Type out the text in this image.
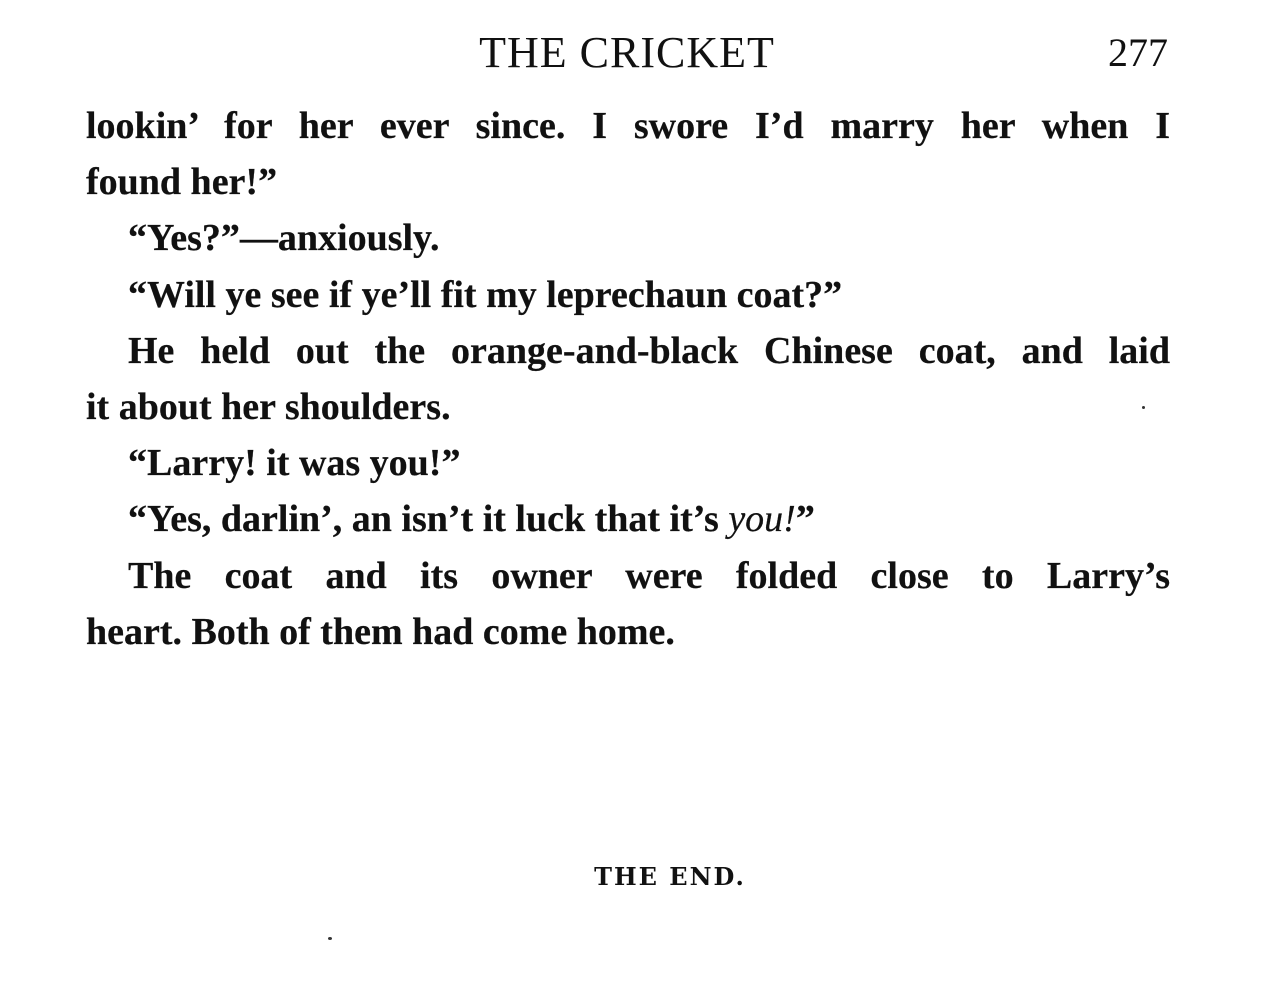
THE CRICKET	277

lookin’ for her ever since. I swore I’d marry her when I
found her!”

“Yes?”—anxiously.

“Will ye see if ye’ll fit my leprechaun coat?”

He held out the orange-and-black Chinese coat, and laid
it about her shoulders.

“Larry! it was you!”

“Yes, darlin’, an isn’t it luck that it’s you!”

The coat and its owner were folded close to Larry’s
heart. Both of them had come home.

THE END.
